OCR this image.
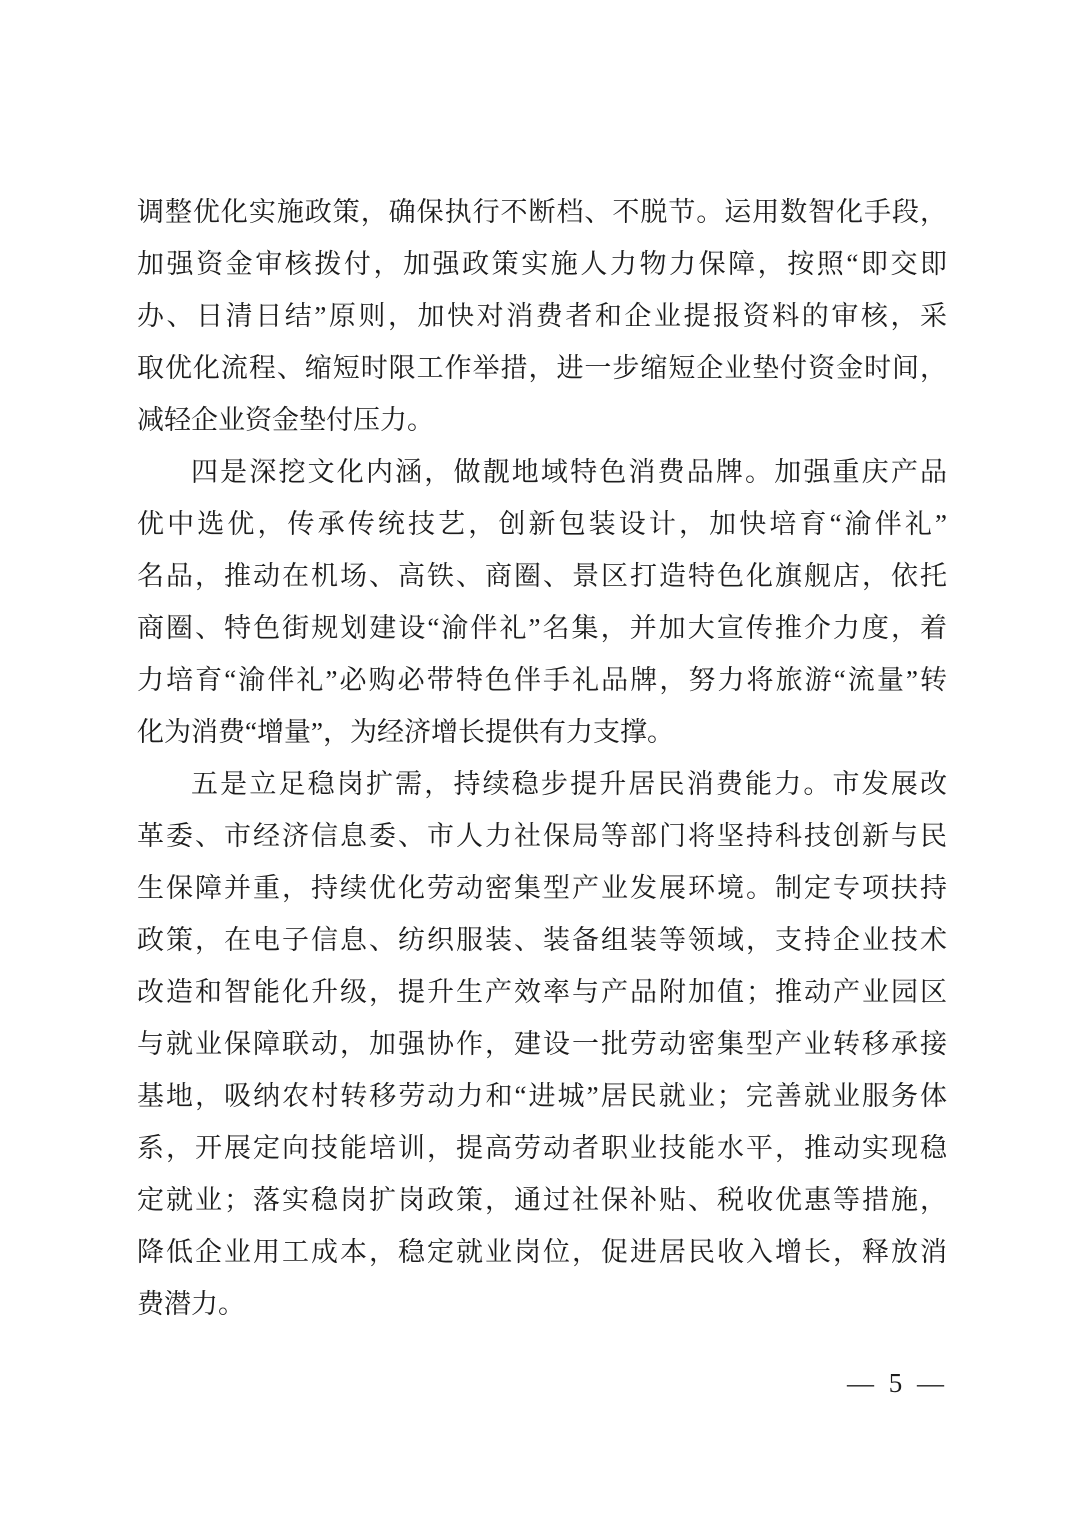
调整优化实施政策，确保执行不断档、不脱节。运用数智化手段，
加强资金审核拨付，加强政策实施人力物力保障，按照“即交即
办、日清日结”原则，加快对消费者和企业提报资料的审核，采
取优化流程、缩短时限工作举措，进一步缩短企业垫付资金时间，
减轻企业资金垫付压力。
四是深挖文化内涵，做靓地域特色消费品牌。加强重庆产品
优中选优，传承传统技艺，创新包装设计，加快培育“渝伴礼”
名品，推动在机场、高铁、商圈、景区打造特色化旗舰店，依托
商圈、特色街规划建设“渝伴礼”名集，并加大宣传推介力度，着
力培育“渝伴礼”必购必带特色伴手礼品牌，努力将旅游“流量”转
化为消费“增量”，为经济增长提供有力支撑。
五是立足稳岗扩需，持续稳步提升居民消费能力。市发展改
革委、市经济信息委、市人力社保局等部门将坚持科技创新与民
生保障并重，持续优化劳动密集型产业发展环境。制定专项扶持
政策，在电子信息、纺织服装、装备组装等领域，支持企业技术
改造和智能化升级，提升生产效率与产品附加值；推动产业园区
与就业保障联动，加强协作，建设一批劳动密集型产业转移承接
基地，吸纳农村转移劳动力和“进城”居民就业；完善就业服务体
系，开展定向技能培训，提高劳动者职业技能水平，推动实现稳
定就业；落实稳岗扩岗政策，通过社保补贴、税收优惠等措施，
降低企业用工成本，稳定就业岗位，促进居民收入增长，释放消
费潜力。
— 5 —
